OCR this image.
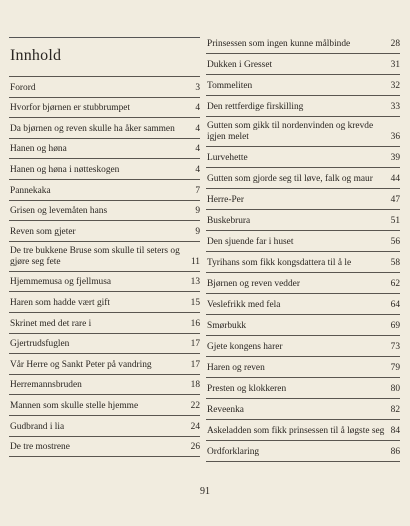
Innhold
Forord	3
Hvorfor bjørnen er stubbrumpet	4
Da bjørnen og reven skulle ha åker sammen 4
Hanen og høna	4
Hanen og høna i nøtteskogen	4
Pannekaka	7
Grisen og levemåten hans	9
Reven som gjeter	9
De tre bukkene Bruse som skulle til seters og gjøre seg fete	11
Hjemmemusa og fjellmusa	13
Haren som hadde vært gift	15
Skrinet med det rare i	16
Gjertrudsfuglen	17
Vår Herre og Sankt Peter på vandring	17
Herremannsbruden	18
Mannen som skulle stelle hjemme	22
Gudbrand i lia	24
De tre mostrene	26
Prinsessen som ingen kunne målbinde	28
Dukken i Gresset	31
Tommeliten	32
Den rettferdige firskilling	33
Gutten som gikk til nordenvinden og krevde igjen melet	36
Lurvehette	39
Gutten som gjorde seg til løve, falk og maur 44
Herre-Per	47
Buskebrura	51
Den sjuende far i huset	56
Tyrihans som fikk kongsdattera til å le	58
Bjørnen og reven vedder	62
Veslefrikk med fela	64
Smørbukk	69
Gjete kongens harer	73
Haren og reven	79
Presten og klokkeren	80
Reveenka	82
Askeladden som fikk prinsessen til å løgste seg 84
Ordforklaring	86
91
